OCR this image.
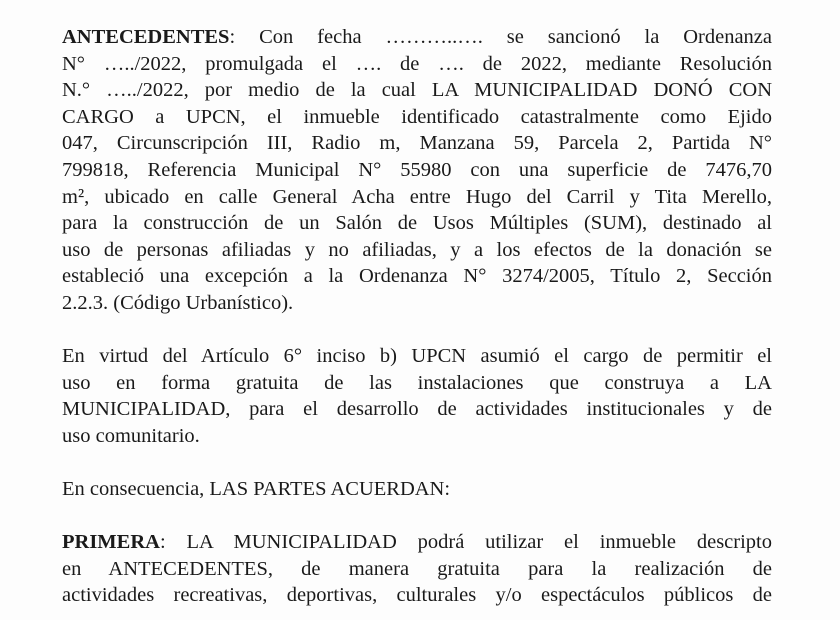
ANTECEDENTES: Con fecha ………..…. se sancionó la Ordenanza
N° …../2022, promulgada el …. de …. de 2022, mediante Resolución
N.° …../2022, por medio de la cual LA MUNICIPALIDAD DONÓ CON
CARGO a UPCN, el inmueble identificado catastralmente como Ejido
047, Circunscripción III, Radio m, Manzana 59, Parcela 2, Partida N°
799818, Referencia Municipal N° 55980 con una superficie de 7476,70
m², ubicado en calle General Acha entre Hugo del Carril y Tita Merello,
para la construcción de un Salón de Usos Múltiples (SUM), destinado al
uso de personas afiliadas y no afiliadas, y a los efectos de la donación se
estableció una excepción a la Ordenanza N° 3274/2005, Título 2, Sección
2.2.3. (Código Urbanístico).
En virtud del Artículo 6° inciso b) UPCN asumió el cargo de permitir el
uso en forma gratuita de las instalaciones que construya a LA
MUNICIPALIDAD, para el desarrollo de actividades institucionales y de
uso comunitario.
En consecuencia, LAS PARTES ACUERDAN:
PRIMERA: LA MUNICIPALIDAD podrá utilizar el inmueble descripto
en ANTECEDENTES, de manera gratuita para la realización de
actividades recreativas, deportivas, culturales y/o espectáculos públicos de
